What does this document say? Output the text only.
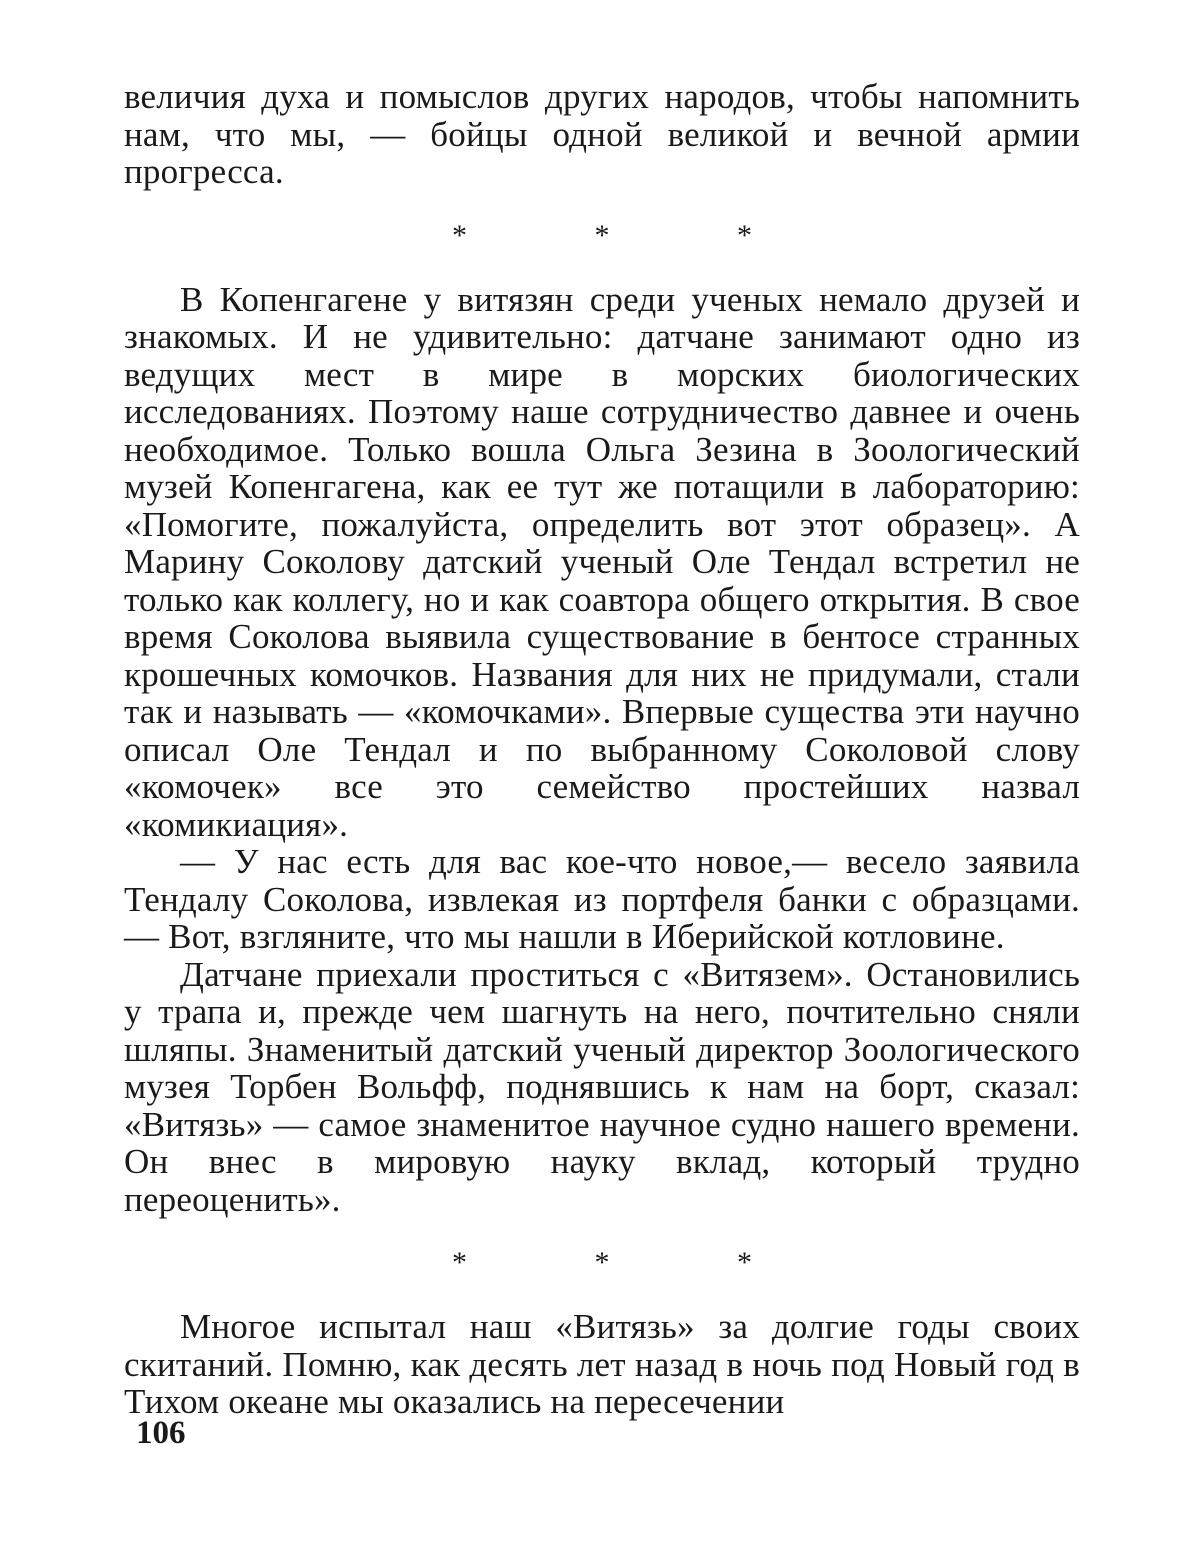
величия духа и помыслов других народов, чтобы напомнить нам, что мы, — бойцы одной великой и вечной армии прогресса.

* * *

В Копенгагене у витязян среди ученых немало друзей и знакомых. И не удивительно: датчане занимают одно из ведущих мест в мире в морских биологических исследованиях. Поэтому наше сотрудничество давнее и очень необходимое. Только вошла Ольга Зезина в Зоологический музей Копенгагена, как ее тут же потащили в лабораторию: «Помогите, пожалуйста, определить вот этот образец». А Марину Соколову датский ученый Оле Тендал встретил не только как коллегу, но и как соавтора общего открытия. В свое время Соколова выявила существование в бентосе странных крошечных комочков. Названия для них не придумали, стали так и называть — «комочками». Впервые существа эти научно описал Оле Тендал и по выбранному Соколовой слову «комочек» все это семейство простейших назвал «комикиация».

— У нас есть для вас кое-что новое,— весело заявила Тендалу Соколова, извлекая из портфеля банки с образцами. — Вот, взгляните, что мы нашли в Иберийской котловине.

Датчане приехали проститься с «Витязем». Остановились у трапа и, прежде чем шагнуть на него, почтительно сняли шляпы. Знаменитый датский ученый директор Зоологического музея Торбен Вольфф, поднявшись к нам на борт, сказал: «Витязь» — самое знаменитое научное судно нашего времени. Он внес в мировую науку вклад, который трудно переоценить».

* * *

Многое испытал наш «Витязь» за долгие годы своих скитаний. Помню, как десять лет назад в ночь под Новый год в Тихом океане мы оказались на пересечении

106
